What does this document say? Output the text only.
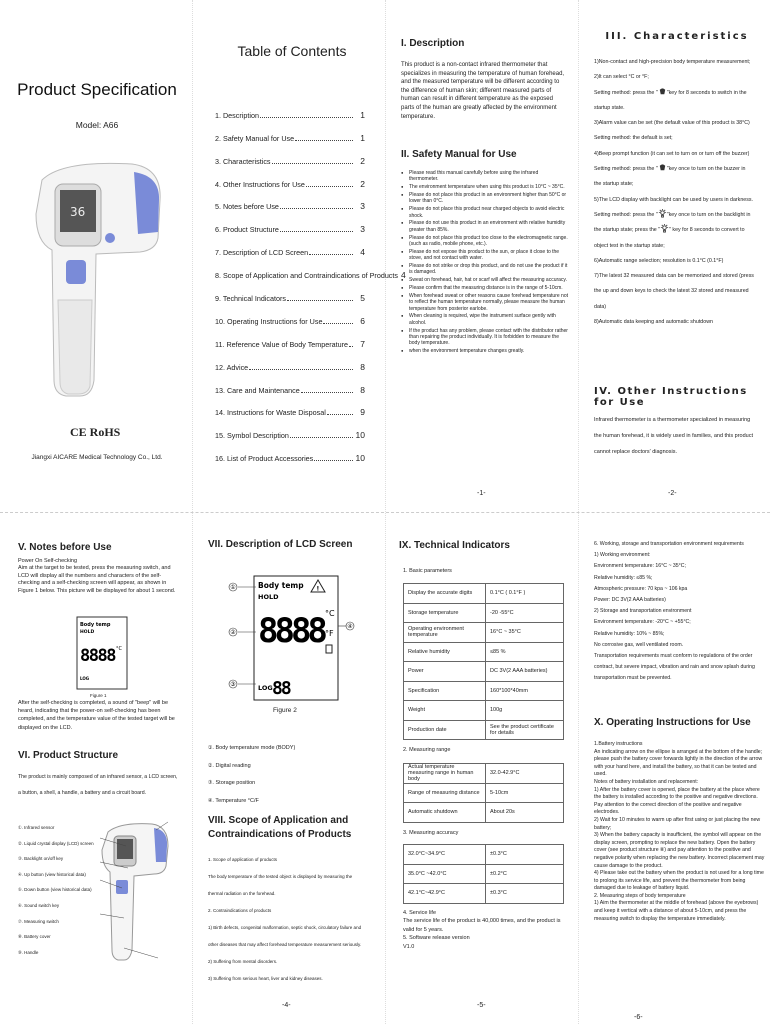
Product Specification
Model: A66
36
CE RoHS
Jiangxi AICARE Medical Technology Co., Ltd.
Table of Contents
1. Description	1
2. Safety Manual for Use	1
3. Characteristics	2
4. Other Instructions for Use	2
5. Notes before Use	3
6. Product Structure	3
7. Description of LCD Screen	4
8. Scope of Application and Contraindications of Products 4
9. Technical Indicators	5
10. Operating Instructions for Use	6
11. Reference Value of Body Temperature	7
12. Advice	8
13. Care and Maintenance	8
14. Instructions for Waste Disposal	9
15. Symbol Description	10
16. List of Product Accessories	10
I. Description
This product is a non-contact infrared thermometer that specializes in measuring the temperature of human forehead, and the measured temperature will be different according to the difference of human skin; different measured parts of human can result in different temperature as the exposed parts of the human are greatly affected by the environment temperature.
II. Safety Manual for Use
● Please read this manual carefully before using the infrared thermometer.
● The environment temperature when using this product is 10°C ~ 35°C.
● Please do not place this product in an environment higher than 50°C or lower than 0°C.
● Please do not place this product near charged objects to avoid electric shock.
● Please do not use this product in an environment with relative humidity greater than 85%.
● Please do not place this product too close to the electromagnetic range. (such as radio, mobile phone, etc.).
● Please do not expose this product to the sun, or place it close to the stove, and not contact with water.
● Please do not strike or drop this product, and do not use the product if it is damaged.
● Sweat on forehead, hair, hat or scarf will affect the measuring accuracy.
● Please confirm that the measuring distance is in the range of 5-10cm.
● When forehead sweat or other reasons cause forehead temperature not to reflect the human temperature normally, please measure the human temperature from posterior earlobe.
● When cleaning is required, wipe the instrument surface gently with alcohol.
● If the product has any problem, please contact with the distributor rather than repairing the product individually. It is forbidden to measure the body temperature.
● when the environment temperature changes greatly.
-1-
III. Characteristics
1)Non-contact and high-precision body temperature measurement;
2)It can select °C or °F;
Setting method: press the " "key for 8 seconds to switch in the
startup state.
3)Alarm value can be set (the default value of this product is 38°C)
Setting method: the default is set;
4)Beep prompt function (it can set to turn on or turn off the buzzer)
Setting method: press the " "key once to turn on the buzzer in
the startup state;
5)The LCD display with backlight can be used by users in darkness.
Setting method: press the " "key once to turn on the backlight in
the startup state; press the " " key for 8 seconds to convert to
object test in the startup state;
6)Automatic range selection; resolution is 0.1°C (0.1°F)
7)The latest 32 measured data can be memorized and stored (press
the up and down keys to check the latest 32 stored and measured
data)
8)Automatic data keeping and automatic shutdown
IV. Other Instructions for Use
Infrared thermometer is a thermometer specialized in measuring
the human forehead, it is widely used in families, and this product
cannot replace doctors' diagnosis.
-2-
V. Notes before Use
Power On Self-checking
Aim at the target to be tested, press the measuring switch, and LCD will display all the numbers and characters of the self-checking and a self-checking screen will appear, as shown in Figure 1 below. This picture will be displayed for about 1 second.
Body temp
HOLD
8888 °C
LOG
Figure 1
After the self-checking is completed, a sound of "beep" will be heard, indicating that the power-on self-checking has been completed, and the temperature value of the tested target will be displayed on the LCD.
VI. Product Structure
The product is mainly composed of an infrared sensor, a LCD screen, a button, a shell, a handle, a battery and a circuit board.
①. Infrared sensor
②. Liquid crystal display (LCD) screen
③. Backlight on/off key
④. Up button (view historical data)
⑤. Down button (view historical data)
⑥. Sound switch key
⑦. Measuring switch
⑧. Battery cover
⑨. Handle
VII. Description of LCD Screen
Body temp !
HOLD
8888 °C
°F
LOG 88
①
②
③
④
Figure 2
①. Body temperature mode (BODY)
②. Digital reading
③. Storage position
④. Temperature °C/F
VIII. Scope of Application and
Contraindications of Products
1. Scope of application of products
The body temperature of the tested object is displayed by measuring the
thermal radiation on the forehead.
2. Contraindications of products
1) Birth defects, congenital malformation, septic shock, circulatory failure and
other diseases that may affect forehead temperature measurement seriously.
2) Suffering from mental disorders.
3) Suffering from serious heart, liver and kidney diseases.
-4-
IX. Technical Indicators
1. Basic parameters
Display the accurate digits	0.1°C ( 0.1°F )
Storage temperature	-20 -55°C
Operating environment temperature	16°C ~ 35°C
Relative humidity	≤85 %
Power	DC 3V(2 AAA batteries)
Specification	160*100*40mm
Weight	100g
Production date	See the product certificate for details
2. Measuring range
Actual temperature measuring range in human body	32.0-42.9°C
Range of measuring distance	5-10cm
Automatic shutdown	About 20s
3. Measuring accuracy
32.0°C~34.9°C	±0.3°C
35.0°C ~42.0°C	±0.2°C
42.1°C~42.9°C	±0.3°C
4. Service life
The service life of the product is 40,000 times, and the product is valid for 5 years.
5. Software release version
V1.0
-5-
6. Working, storage and transportation environment requirements
1) Working environment:
Environment temperature: 16°C ~ 35°C;
Relative humidity: ≤85 %;
Atmospheric pressure: 70 kpa ~ 106 kpa
Power: DC 3V(2 AAA batteries)
2) Storage and transportation environment
Environment temperature: -20°C ~ +55°C;
Relative humidity: 10% ~ 85%;
No corrosive gas, well ventilated room.
Transportation requirements must conform to regulations of the order
contract, but severe impact, vibration and rain and snow splash during
transportation must be prevented.
X. Operating Instructions for Use
1.Battery instructions
An indicating arrow on the ellipse is arranged at the bottom of the handle; please push the battery cover forwards lightly in the direction of the arrow with your hand here, and install the battery, so that it can be tested and used.
Notes of battery installation and replacement:
1) After the battery cover is opened, place the battery at the place where the battery is installed according to the positive and negative directions. Pay attention to the correct direction of the positive and negative electrodes.
2) Wait for 10 minutes to warm up after first using or just placing the new battery;
3) When the battery capacity is insufficient, the symbol will appear on the display screen, prompting to replace the new battery. Open the battery cover (see product structure ⑧) and pay attention to the positive and negative polarity when replacing the new battery. Incorrect placement may cause damage to the product.
4) Please take out the battery when the product is not used for a long time to prolong its service life, and prevent the thermometer from being damaged due to leakage of battery liquid.
2. Measuring steps of body temperature
1) Aim the thermometer at the middle of forehead (above the eyebrows) and keep it vertical with a distance of about 5-10cm, and press the measuring switch to display the temperature immediately.
-6-
